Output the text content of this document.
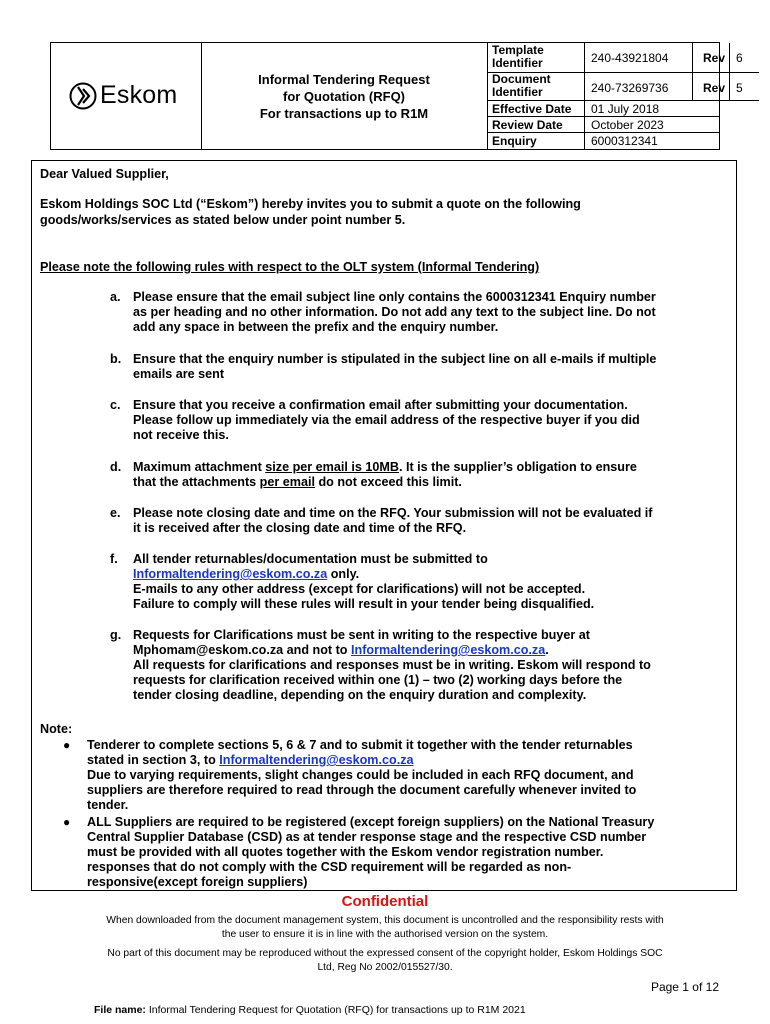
Eskom
Informal Tendering Request
for Quotation (RFQ)
For transactions up to R1M
Template Identifier	240-43921804	Rev 6
Document Identifier	240-73269736	Rev 5
Effective Date	01 July 2018
Review Date	October 2023
Enquiry	6000312341
Dear Valued Supplier,
Eskom Holdings SOC Ltd (“Eskom”) hereby invites you to submit a quote on the following
goods/works/services as stated below under point number 5.
Please note the following rules with respect to the OLT system (Informal Tendering)
a. Please ensure that the email subject line only contains the 6000312341 Enquiry number
as per heading and no other information. Do not add any text to the subject line. Do not
add any space in between the prefix and the enquiry number.
b. Ensure that the enquiry number is stipulated in the subject line on all e-mails if multiple
emails are sent
c. Ensure that you receive a confirmation email after submitting your documentation.
Please follow up immediately via the email address of the respective buyer if you did
not receive this.
d. Maximum attachment size per email is 10MB. It is the supplier’s obligation to ensure
that the attachments per email do not exceed this limit.
e. Please note closing date and time on the RFQ. Your submission will not be evaluated if
it is received after the closing date and time of the RFQ.
f. All tender returnables/documentation must be submitted to
Informaltendering@eskom.co.za only.
E-mails to any other address (except for clarifications) will not be accepted.
Failure to comply will these rules will result in your tender being disqualified.
g. Requests for Clarifications must be sent in writing to the respective buyer at
Mphomam@eskom.co.za and not to Informaltendering@eskom.co.za.
All requests for clarifications and responses must be in writing. Eskom will respond to
requests for clarification received within one (1) – two (2) working days before the
tender closing deadline, depending on the enquiry duration and complexity.
Note:
● Tenderer to complete sections 5, 6 & 7 and to submit it together with the tender returnables
stated in section 3, to Informaltendering@eskom.co.za
Due to varying requirements, slight changes could be included in each RFQ document, and
suppliers are therefore required to read through the document carefully whenever invited to
tender.
● ALL Suppliers are required to be registered (except foreign suppliers) on the National Treasury
Central Supplier Database (CSD) as at tender response stage and the respective CSD number
must be provided with all quotes together with the Eskom vendor registration number.
responses that do not comply with the CSD requirement will be regarded as non-
responsive(except foreign suppliers)
Confidential
When downloaded from the document management system, this document is uncontrolled and the responsibility rests with
the user to ensure it is in line with the authorised version on the system.
No part of this document may be reproduced without the expressed consent of the copyright holder, Eskom Holdings SOC
Ltd, Reg No 2002/015527/30.
Page 1 of 12
File name: Informal Tendering Request for Quotation (RFQ) for transactions up to R1M 2021
